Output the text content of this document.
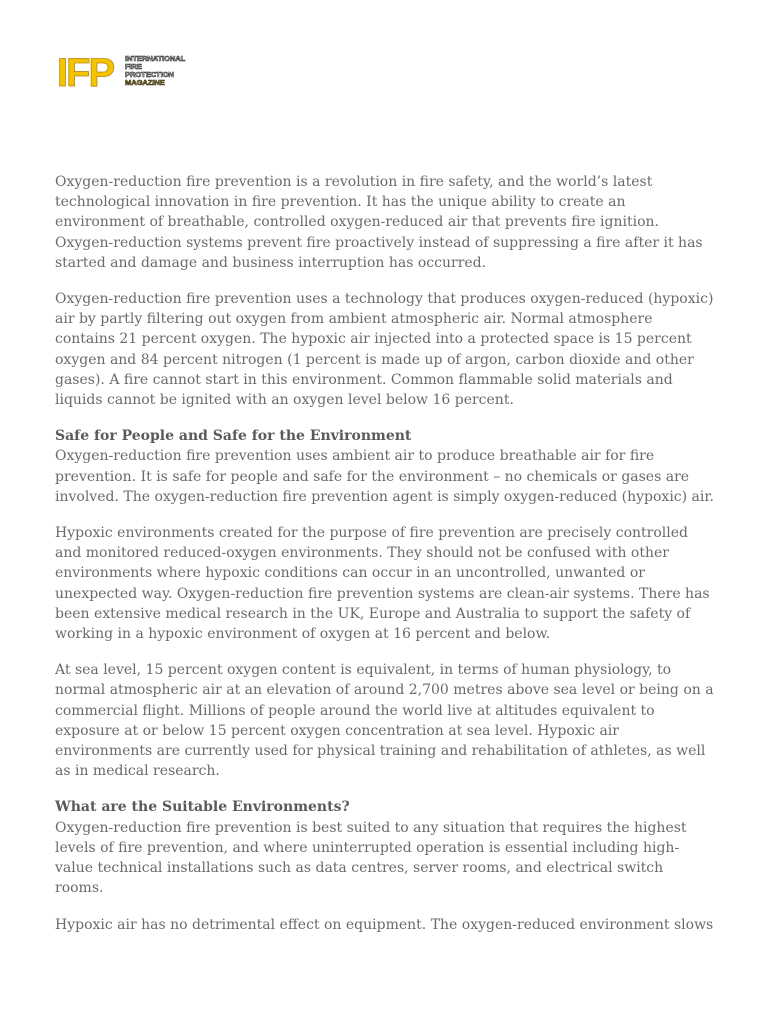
IFP INTERNATIONAL
FIRE
PROTECTION
MAGAZINE

Oxygen-reduction fire prevention is a revolution in fire safety, and the world’s latest technological innovation in fire prevention. It has the unique ability to create an environment of breathable, controlled oxygen-reduced air that prevents fire ignition. Oxygen-reduction systems prevent fire proactively instead of suppressing a fire after it has started and damage and business interruption has occurred.

Oxygen-reduction fire prevention uses a technology that produces oxygen-reduced (hypoxic) air by partly filtering out oxygen from ambient atmospheric air. Normal atmosphere contains 21 percent oxygen. The hypoxic air injected into a protected space is 15 percent oxygen and 84 percent nitrogen (1 percent is made up of argon, carbon dioxide and other gases). A fire cannot start in this environment. Common flammable solid materials and liquids cannot be ignited with an oxygen level below 16 percent.

Safe for People and Safe for the Environment
Oxygen-reduction fire prevention uses ambient air to produce breathable air for fire prevention. It is safe for people and safe for the environment – no chemicals or gases are involved. The oxygen-reduction fire prevention agent is simply oxygen-reduced (hypoxic) air.

Hypoxic environments created for the purpose of fire prevention are precisely controlled and monitored reduced-oxygen environments. They should not be confused with other environments where hypoxic conditions can occur in an uncontrolled, unwanted or unexpected way. Oxygen-reduction fire prevention systems are clean-air systems. There has been extensive medical research in the UK, Europe and Australia to support the safety of working in a hypoxic environment of oxygen at 16 percent and below.

At sea level, 15 percent oxygen content is equivalent, in terms of human physiology, to normal atmospheric air at an elevation of around 2,700 metres above sea level or being on a commercial flight. Millions of people around the world live at altitudes equivalent to exposure at or below 15 percent oxygen concentration at sea level. Hypoxic air environments are currently used for physical training and rehabilitation of athletes, as well as in medical research.

What are the Suitable Environments?
Oxygen-reduction fire prevention is best suited to any situation that requires the highest levels of fire prevention, and where uninterrupted operation is essential including high-value technical installations such as data centres, server rooms, and electrical switch rooms.

Hypoxic air has no detrimental effect on equipment. The oxygen-reduced environment slows
